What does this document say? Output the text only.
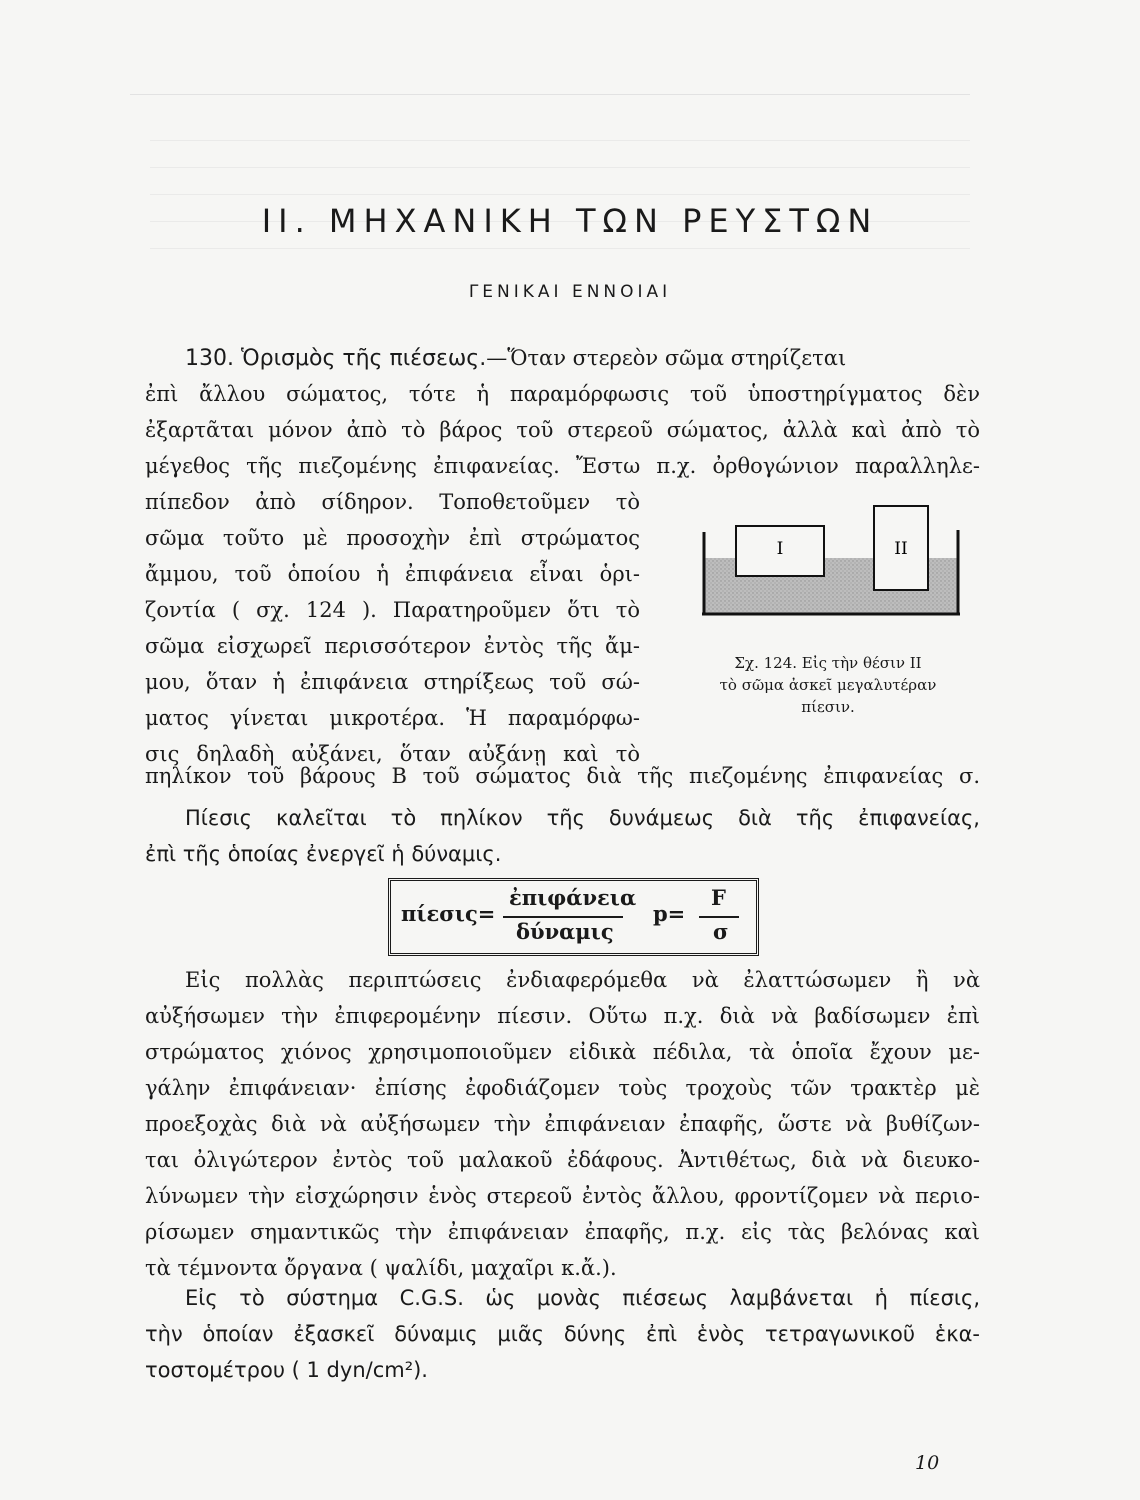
II. ΜΗΧΑΝΙΚΗ ΤΩΝ ΡΕΥΣΤΩΝ
ΓΕΝΙΚΑΙ ΕΝΝΟΙΑΙ

130. Ὁρισμὸς τῆς πιέσεως.—Ὅταν στερεὸν σῶμα στηρίζεται

ἐπὶ ἄλλου σώματος, τότε ἡ παραμόρφωσις τοῦ ὑποστηρίγματος δὲν

ἐξαρτᾶται μόνον ἀπὸ τὸ βάρος τοῦ στερεοῦ σώματος, ἀλλὰ καὶ ἀπὸ τὸ

μέγεθος τῆς πιεζομένης ἐπιφανείας. Ἔστω π.χ. ὀρθογώνιον παραλληλε-

πίπεδον ἀπὸ σίδηρον. Τοποθετοῦμεν τὸ

σῶμα τοῦτο μὲ προσοχὴν ἐπὶ στρώματος

ἄμμου, τοῦ ὁποίου ἡ ἐπιφάνεια εἶναι ὁρι-

ζοντία ( σχ. 124 ). Παρατηροῦμεν ὅτι τὸ

σῶμα εἰσχωρεῖ περισσότερον ἐντὸς τῆς ἄμ-

μου, ὅταν ἡ ἐπιφάνεια στηρίξεως τοῦ σώ-

ματος γίνεται μικροτέρα. Ἡ παραμόρφω-

σις δηλαδὴ αὐξάνει, ὅταν αὐξάνῃ καὶ τὸ

I	II
Σχ. 124. Εἰς τὴν θέσιν ΙΙ
τὸ σῶμα ἀσκεῖ μεγαλυτέραν
πίεσιν.
πηλίκον τοῦ βάρους Β τοῦ σώματος διὰ τῆς πιεζομένης ἐπιφανείας σ.
Πίεσις καλεῖται τὸ πηλίκον τῆς δυνάμεως διὰ τῆς ἐπιφανείας,
ἐπὶ τῆς ὁποίας ἐνεργεῖ ἡ δύναμις.
πίεσις=
ἐπιφάνεια
δύναμις
p=
F
σ

Εἰς πολλὰς περιπτώσεις ἐνδιαφερόμεθα νὰ ἐλαττώσωμεν ἢ νὰ

αὐξήσωμεν τὴν ἐπιφερομένην πίεσιν. Οὕτω π.χ. διὰ νὰ βαδίσωμεν ἐπὶ

στρώματος χιόνος χρησιμοποιοῦμεν εἰδικὰ πέδιλα, τὰ ὁποῖα ἔχουν με-

γάλην ἐπιφάνειαν· ἐπίσης ἐφοδιάζομεν τοὺς τροχοὺς τῶν τρακτὲρ μὲ

προεξοχὰς διὰ νὰ αὐξήσωμεν τὴν ἐπιφάνειαν ἐπαφῆς, ὥστε νὰ βυθίζων-

ται ὀλιγώτερον ἐντὸς τοῦ μαλακοῦ ἐδάφους. Ἀντιθέτως, διὰ νὰ διευκο-

λύνωμεν τὴν εἰσχώρησιν ἑνὸς στερεοῦ ἐντὸς ἄλλου, φροντίζομεν νὰ περιο-

ρίσωμεν σημαντικῶς τὴν ἐπιφάνειαν ἐπαφῆς, π.χ. εἰς τὰς βελόνας καὶ

τὰ τέμνοντα ὄργανα ( ψαλίδι, μαχαῖρι κ.ἄ.).

Εἰς τὸ σύστημα C.G.S. ὡς μονὰς πιέσεως λαμβάνεται ἡ πίεσις,

τὴν ὁποίαν ἐξασκεῖ δύναμις μιᾶς δύνης ἐπὶ ἑνὸς τετραγωνικοῦ ἑκα-

τοστομέτρου ( 1 dyn/cm²).

10
